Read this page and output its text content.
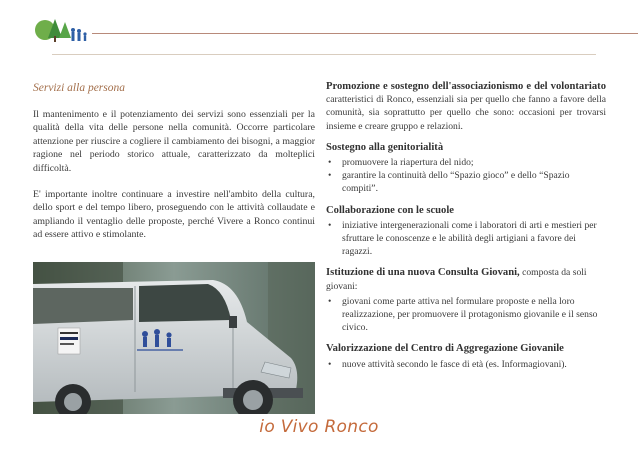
Servizi alla persona

Il mantenimento e il potenziamento dei servizi sono essenziali per la qualità della vita delle persone nella comunità. Occorre particolare attenzione per riuscire a cogliere il cambiamento dei bisogni, a maggior ragione nel periodo storico attuale, caratterizzato da molteplici difficoltà.

E' importante inoltre continuare a investire nell'ambito della cultura, dello sport e del tempo libero, proseguendo con le attività collaudate e ampliando il ventaglio delle proposte, perché Vivere a Ronco continui ad essere attivo e stimolante.

Promozione e sostegno dell'associazionismo e del volontariato caratteristici di Ronco, essenziali sia per quello che fanno a favore della comunità, sia soprattutto per quello che sono: occasioni per trovarsi insieme e creare gruppo e relazioni.

Sostegno alla genitorialità

• promuovere la riapertura del nido;
• garantire la continuità dello “Spazio gioco” e dello “Spazio compiti”.

Collaborazione con le scuole

• iniziative intergenerazionali come i laboratori di arti e mestieri per sfruttare le conoscenze e le abilità degli artigiani a favore dei ragazzi.

Istituzione di una nuova Consulta Giovani, composta da soli giovani:

• giovani come parte attiva nel formulare proposte e nella loro realizzazione, per promuovere il protagonismo giovanile e il senso civico.

Valorizzazione del Centro di Aggregazione Giovanile

• nuove attività secondo le fasce di età (es. Informagiovani).
io Vivo Ronco
